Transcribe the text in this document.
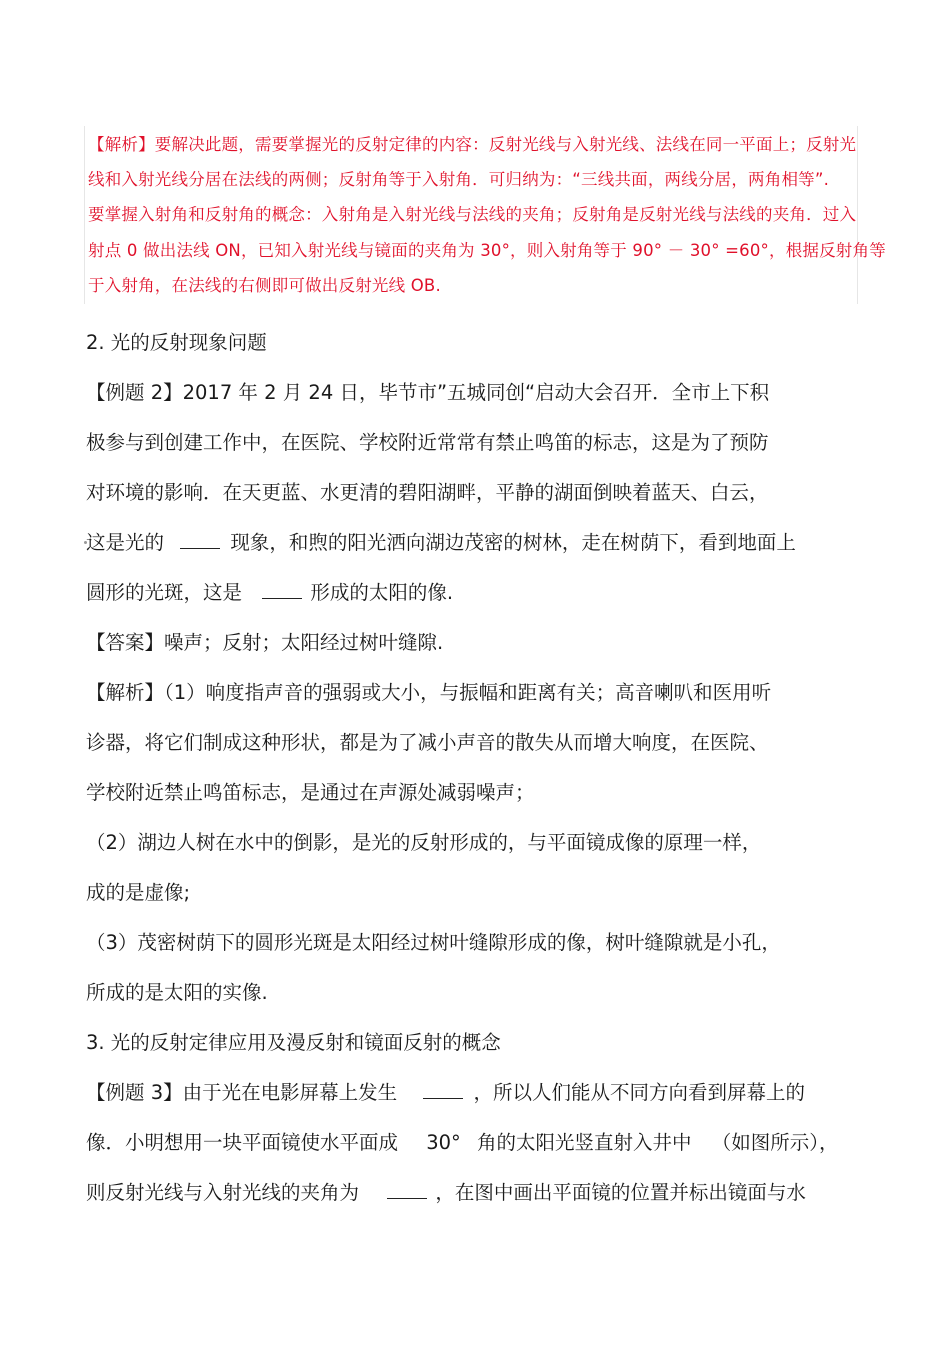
【解析】要解决此题，需要掌握光的反射定律的内容：反射光线与入射光线、法线在同一平面上；反射光
线和入射光线分居在法线的两侧；反射角等于入射角．可归纳为：“三线共面，两线分居，两角相等”.
要掌握入射角和反射角的概念：入射角是入射光线与法线的夹角；反射角是反射光线与法线的夹角．过入
射点 0 做出法线 ON，已知入射光线与镜面的夹角为 30°，则入射角等于 90° － 30° =60°，根据反射角等
于入射角，在法线的右侧即可做出反射光线 OB.
2. 光的反射现象问题
【例题 2】2017 年 2 月 24 日，毕节市”五城同创“启动大会召开．全市上下积
极参与到创建工作中，在医院、学校附近常常有禁止鸣笛的标志，这是为了预防
对环境的影响．在天更蓝、水更清的碧阳湖畔，平静的湖面倒映着蓝天、白云，
这是光的	现象，和煦的阳光洒向湖边茂密的树林，走在树荫下，看到地面上
圆形的光斑，这是	形成的太阳的像.
【答案】噪声；反射；太阳经过树叶缝隙.
【解析】（1）响度指声音的强弱或大小，与振幅和距离有关；高音喇叭和医用听
诊器，将它们制成这种形状，都是为了减小声音的散失从而增大响度，在医院、
学校附近禁止鸣笛标志，是通过在声源处减弱噪声；
（2）湖边人树在水中的倒影，是光的反射形成的，与平面镜成像的原理一样，
成的是虚像;
（3）茂密树荫下的圆形光斑是太阳经过树叶缝隙形成的像，树叶缝隙就是小孔，
所成的是太阳的实像.
3. 光的反射定律应用及漫反射和镜面反射的概念
【例题 3】由于光在电影屏幕上发生	，所以人们能从不同方向看到屏幕上的
像．小明想用一块平面镜使水平面成 30° 角的太阳光竖直射入井中 （如图所示），
则反射光线与入射光线的夹角为	，在图中画出平面镜的位置并标出镜面与水
